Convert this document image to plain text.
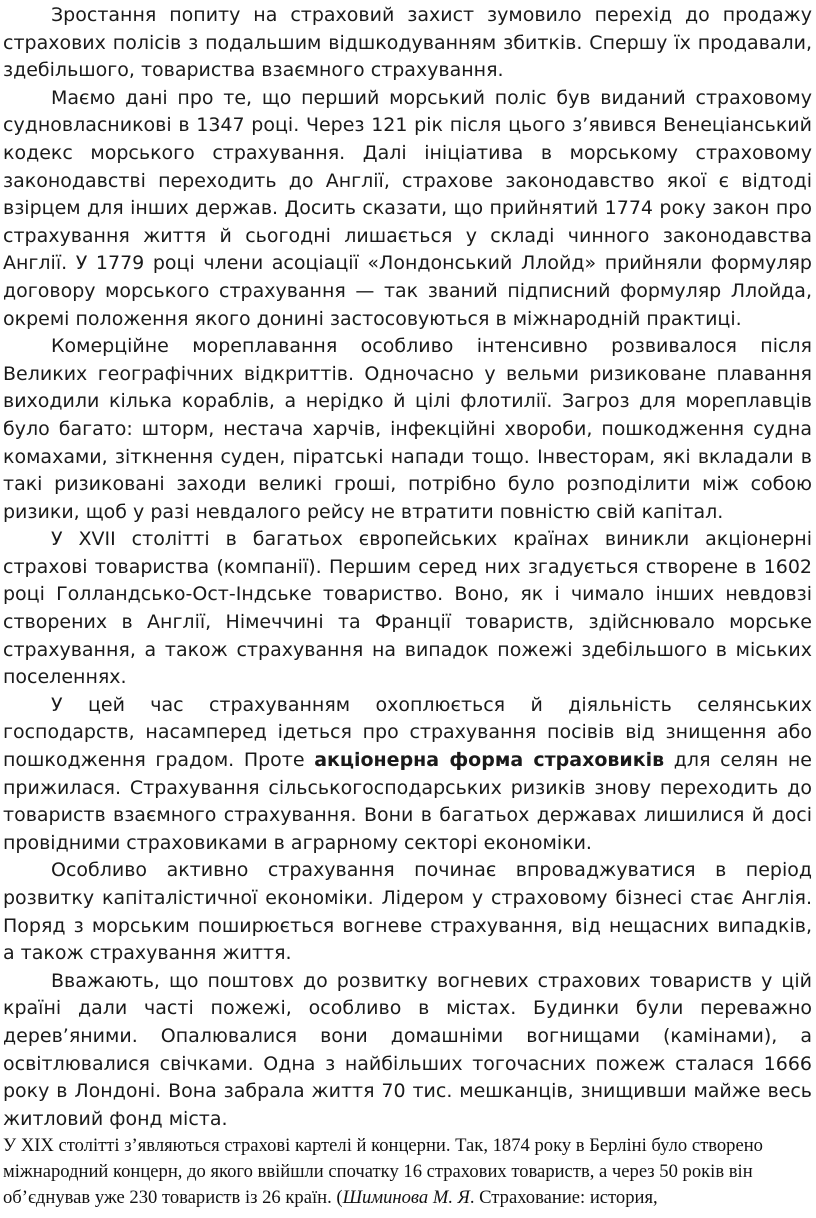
Зростання попиту на страховий захист зумовило перехід до продажу страхових полісів з подальшим відшкодуванням збитків. Спершу їх продавали, здебільшого, товариства взаємного страхування.

Маємо дані про те, що перший морський поліс був виданий страховому судновласникові в 1347 році. Через 121 рік після цього з’явився Венеціанський кодекс морського страхування. Далі ініціатива в морському страховому законодавстві переходить до Англії, страхове законодавство якої є відтоді взірцем для інших держав. Досить сказати, що прийнятий 1774 року закон про страхування життя й сьогодні лишається у складі чинного законодавства Англії. У 1779 році члени асоціації «Лондонський Ллойд» прийняли формуляр договору морського страхування — так званий підписний формуляр Ллойда, окремі положення якого донині застосовуються в міжнародній практиці.

Комерційне мореплавання особливо інтенсивно розвивалося після Великих географічних відкриттів. Одночасно у вельми ризиковане плавання виходили кілька кораблів, а нерідко й цілі флотилії. Загроз для мореплавців було багато: шторм, нестача харчів, інфекційні хвороби, пошкодження судна комахами, зіткнення суден, піратські напади тощо. Інвесторам, які вкладали в такі ризиковані заходи великі гроші, потрібно було розподілити між собою ризики, щоб у разі невдалого рейсу не втратити повністю свій капітал.

У XVII столітті в багатьох європейських країнах виникли акціонерні страхові товариства (компанії). Першим серед них згадується створене в 1602 році Голландсько-Ост-Індське товариство. Воно, як і чимало інших невдовзі створених в Англії, Німеччині та Франції товариств, здійснювало морське страхування, а також страхування на випадок пожежі здебільшого в міських поселеннях.

У цей час страхуванням охоплюється й діяльність селянських господарств, насамперед ідеться про страхування посівів від знищення або пошкодження градом. Проте акціонерна форма страховиків для селян не прижилася. Страхування сільськогосподарських ризиків знову переходить до товариств взаємного страхування. Вони в багатьох державах лишилися й досі провідними страховиками в аграрному секторі економіки.

Особливо активно страхування починає впроваджуватися в період розвитку капіталістичної економіки. Лідером у страховому бізнесі стає Англія. Поряд з морським поширюється вогневе страхування, від нещасних випадків, а також страхування життя.

Вважають, що поштовх до розвитку вогневих страхових товариств у цій країні дали часті пожежі, особливо в містах. Будинки були переважно дерев’яними. Опалювалися вони домашніми вогнищами (камінами), а освітлювалися свічками. Одна з найбільших тогочасних пожеж сталася 1666 року в Лондоні. Вона забрала життя 70 тис. мешканців, знищивши майже весь житловий фонд міста.

У XIX столітті з’являються страхові картелі й концерни. Так, 1874 року в Берліні було створено міжнародний концерн, до якого ввійшли спочатку 16 страхових товариств, а через 50 років він об’єднував уже 230 товариств із 26 країн. (Шиминова М. Я. Страхование: история,
